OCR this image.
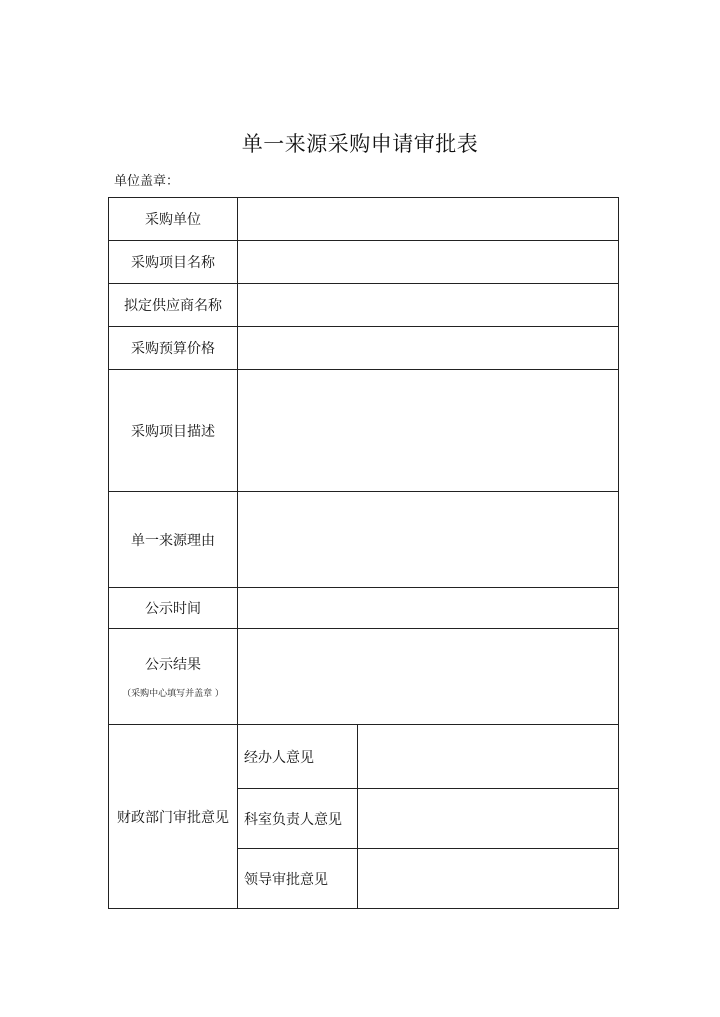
单一来源采购申请审批表
单位盖章：
采购单位		
采购项目名称		
拟定供应商名称		
采购预算价格		
采购项目描述		
单一来源理由		
公示时间		

公示结果
（采购中心填写并盖章 ）		

财政部门审批意见	经办人意见	
	科室负责人意见	
	领导审批意见	
